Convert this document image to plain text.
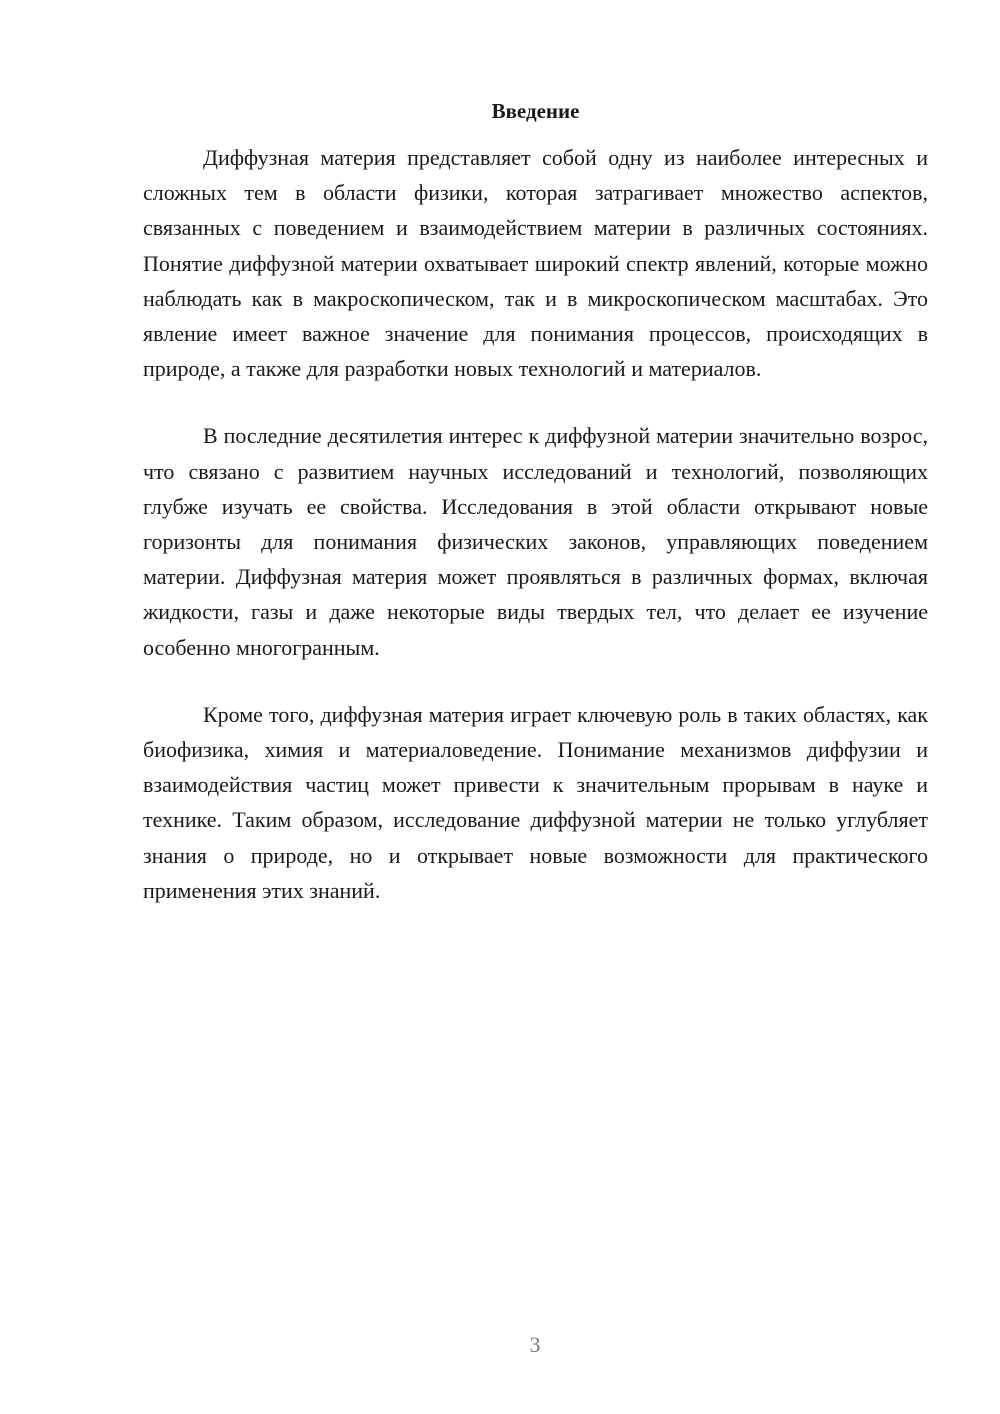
Введение

Диффузная материя представляет собой одну из наиболее интересных и сложных тем в области физики, которая затрагивает множество аспектов, связанных с поведением и взаимодействием материи в различных состояниях. Понятие диффузной материи охватывает широкий спектр явлений, которые можно наблюдать как в макроскопическом, так и в микроскопическом масштабах. Это явление имеет важное значение для понимания процессов, происходящих в природе, а также для разработки новых технологий и материалов.

В последние десятилетия интерес к диффузной материи значительно возрос, что связано с развитием научных исследований и технологий, позволяющих глубже изучать ее свойства. Исследования в этой области открывают новые горизонты для понимания физических законов, управляющих поведением материи. Диффузная материя может проявляться в различных формах, включая жидкости, газы и даже некоторые виды твердых тел, что делает ее изучение особенно многогранным.

Кроме того, диффузная материя играет ключевую роль в таких областях, как биофизика, химия и материаловедение. Понимание механизмов диффузии и взаимодействия частиц может привести к значительным прорывам в науке и технике. Таким образом, исследование диффузной материи не только углубляет знания о природе, но и открывает новые возможности для практического применения этих знаний.

3
